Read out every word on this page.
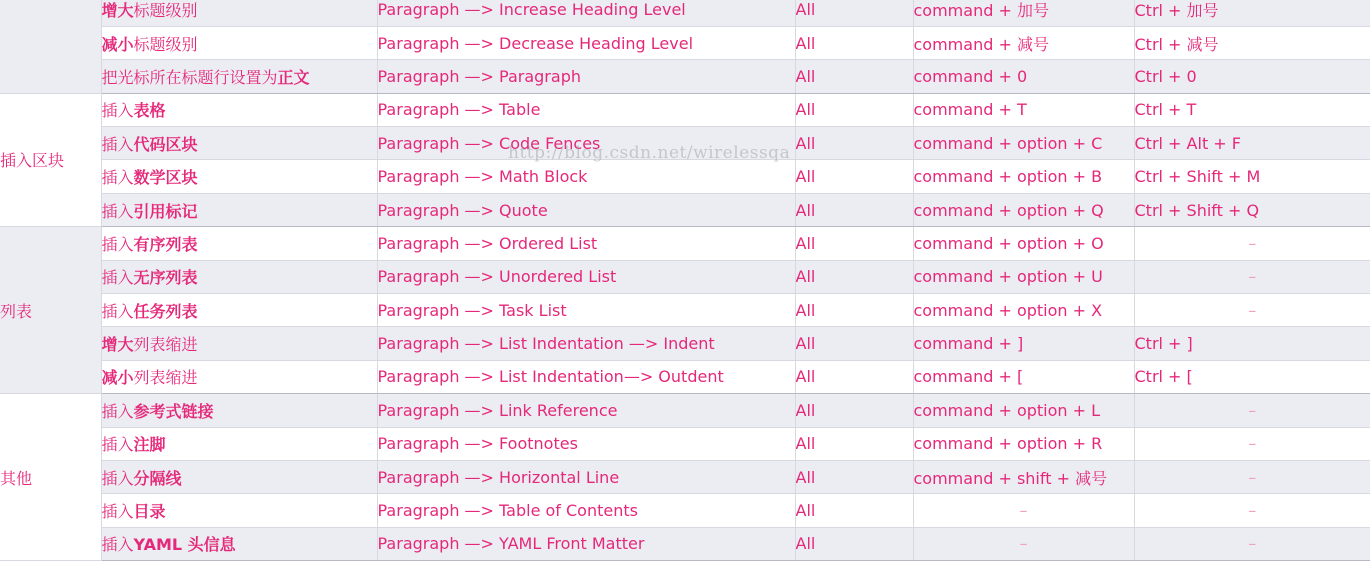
	增大标题级别	Paragraph —> Increase Heading Level	All	command + 加号	Ctrl + 加号
	减小标题级别	Paragraph —> Decrease Heading Level	All	command + 减号	Ctrl + 减号
	把光标所在标题行设置为正文	Paragraph —> Paragraph	All	command + 0	Ctrl + 0
插入区块	插入表格	Paragraph —> Table	All	command + T	Ctrl + T
	插入代码区块	Paragraph —> Code Fences	All	command + option + C	Ctrl + Alt + F
	插入数学区块	Paragraph —> Math Block	All	command + option + B	Ctrl + Shift + M
	插入引用标记	Paragraph —> Quote	All	command + option + Q	Ctrl + Shift + Q
列表	插入有序列表	Paragraph —> Ordered List	All	command + option + O	–
	插入无序列表	Paragraph —> Unordered List	All	command + option + U	–
	插入任务列表	Paragraph —> Task List	All	command + option + X	–
	增大列表缩进	Paragraph —> List Indentation —> Indent	All	command + ]	Ctrl + ]
	减小列表缩进	Paragraph —> List Indentation—> Outdent	All	command + [	Ctrl + [
其他	插入参考式链接	Paragraph —> Link Reference	All	command + option + L	–
	插入注脚	Paragraph —> Footnotes	All	command + option + R	–
	插入分隔线	Paragraph —> Horizontal Line	All	command + shift + 减号	–
	插入目录	Paragraph —> Table of Contents	All	–	–
	插入YAML 头信息	Paragraph —> YAML Front Matter	All	–	–
http://blog.csdn.net/wirelessqa
